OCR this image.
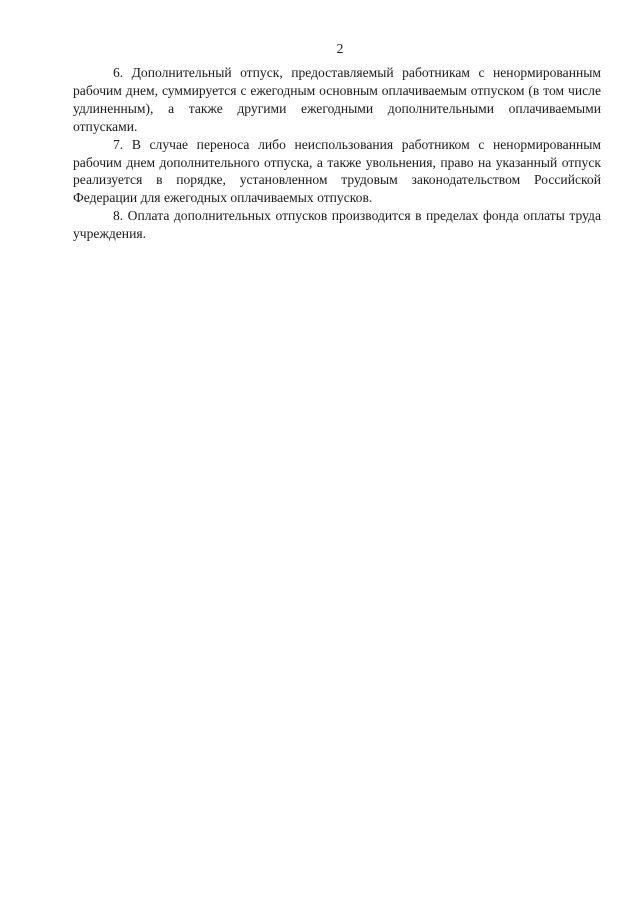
2

6. Дополнительный отпуск, предоставляемый работникам с ненормированным рабочим днем, суммируется с ежегодным основным оплачиваемым отпуском (в том числе удлиненным), а также другими ежегодными дополнительными оплачиваемыми отпусками.

7. В случае переноса либо неиспользования работником с ненормированным рабочим днем дополнительного отпуска, а также увольнения, право на указанный отпуск реализуется в порядке, установленном трудовым законодательством Российской Федерации для ежегодных оплачиваемых отпусков.

8. Оплата дополнительных отпусков производится в пределах фонда оплаты труда учреждения.
